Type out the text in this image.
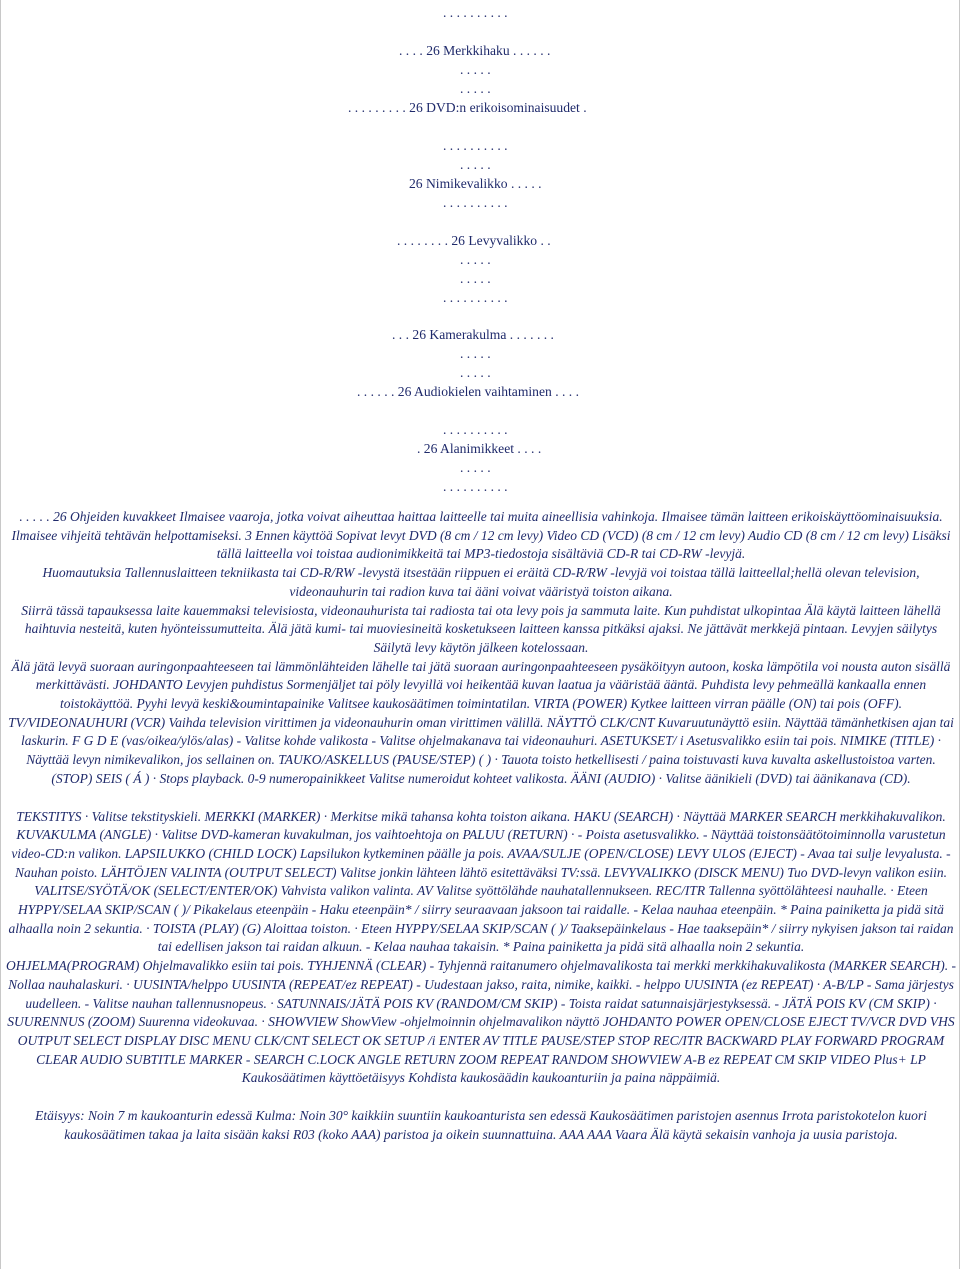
. . . . . . . . . .
. . . . 26 Merkkihaku . . . . . .
. . . . .
. . . . .
. . . . . . . . . 26 DVD:n erikoisominaisuudet .
. . . . . . . . . .
. . . . .
26 Nimikevalikko . . . . .
. . . . . . . . . .
. . . . . . . . 26 Levyvalikko . .
. . . . .
. . . . .
. . . . . . . . . .
. . . 26 Kamerakulma . . . . . . .
. . . . .
. . . . .
. . . . . . 26 Audiokielen vaihtaminen . . . .
. . . . . . . . . .
. 26 Alanimikkeet . . . .
. . . . .
. . . . . . . . . .

. . . . . 26 Ohjeiden kuvakkeet Ilmaisee vaaroja, jotka voivat aiheuttaa haittaa laitteelle tai muita aineellisia vahinkoja. Ilmaisee tämän laitteen erikoiskäyttöominaisuuksia. Ilmaisee vihjeitä tehtävän helpottamiseksi. 3 Ennen käyttöä Sopivat levyt DVD (8 cm / 12 cm levy) Video CD (VCD) (8 cm / 12 cm levy) Audio CD (8 cm / 12 cm levy) Lisäksi tällä laitteella voi toistaa audionimikkeitä tai MP3-tiedostoja sisältäviä CD-R tai CD-RW -levyjä.

Huomautuksia Tallennuslaitteen tekniikasta tai CD-R/RW -levystä itsestään riippuen ei eräitä CD-R/RW -levyjä voi toistaa tällä laitteellal;hellä olevan television, videonauhurin tai radion kuva tai ääni voivat vääristyä toiston aikana.

Siirrä tässä tapauksessa laite kauemmaksi televisiosta, videonauhurista tai radiosta tai ota levy pois ja sammuta laite. Kun puhdistat ulkopintaa Älä käytä laitteen lähellä haihtuvia nesteitä, kuten hyönteissumutteita. Älä jätä kumi- tai muoviesineitä kosketukseen laitteen kanssa pitkäksi ajaksi. Ne jättävät merkkejä pintaan. Levyjen säilytys Säilytä levy käytön jälkeen kotelossaan.

Älä jätä levyä suoraan auringonpaahteeseen tai lämmönlähteiden lähelle tai jätä suoraan auringonpaahteeseen pysäköityyn autoon, koska lämpötila voi nousta auton sisällä merkittävästi. JOHDANTO Levyjen puhdistus Sormenjäljet tai pöly levyillä voi heikentää kuvan laatua ja vääristää ääntä. Puhdista levy pehmeällä kankaalla ennen toistokäyttöä. Pyyhi levyä keski&oumintapainike Valitsee kaukosäätimen toimintatilan. VIRTA (POWER) Kytkee laitteen virran päälle (ON) tai pois (OFF).

TV/VIDEONAUHURI (VCR) Vaihda television virittimen ja videonauhurin oman virittimen välillä. NÄYTTÖ CLK/CNT Kuvaruutunäyttö esiin. Näyttää tämänhetkisen ajan tai laskurin. F G D E (vas/oikea/ylös/alas) - Valitse kohde valikosta - Valitse ohjelmakanava tai videonauhuri. ASETUKSET/ i Asetusvalikko esiin tai pois. NIMIKE (TITLE) · Näyttää levyn nimikevalikon, jos sellainen on. TAUKO/ASKELLUS (PAUSE/STEP) ( ) · Tauota toisto hetkellisesti / paina toistuvasti kuva kuvalta askellustoistoa varten. (STOP) SEIS ( Á ) · Stops playback. 0-9 numeropainikkeet Valitse numeroidut kohteet valikosta. ÄÄNI (AUDIO) · Valitse äänikieli (DVD) tai äänikanava (CD).

TEKSTITYS · Valitse tekstityskieli. MERKKI (MARKER) · Merkitse mikä tahansa kohta toiston aikana. HAKU (SEARCH) · Näyttää MARKER SEARCH merkkihakuvalikon. KUVAKULMA (ANGLE) · Valitse DVD-kameran kuvakulman, jos vaihtoehtoja on PALUU (RETURN) · - Poista asetusvalikko. - Näyttää toistonsäätötoiminnolla varustetun video-CD:n valikon. LAPSILUKKO (CHILD LOCK) Lapsilukon kytkeminen päälle ja pois. AVAA/SULJE (OPEN/CLOSE) LEVY ULOS (EJECT) - Avaa tai sulje levyalusta. - Nauhan poisto. LÄHTÖJEN VALINTA (OUTPUT SELECT) Valitse jonkin lähteen lähtö esitettäväksi TV:ssä. LEVYVALIKKO (DISCK MENU) Tuo DVD-levyn valikon esiin.

VALITSE/SYÖTÄ/OK (SELECT/ENTER/OK) Vahvista valikon valinta. AV Valitse syöttölähde nauhatallennukseen. REC/ITR Tallenna syöttölähteesi nauhalle. · Eteen HYPPY/SELAA SKIP/SCAN ( )/ Pikakelaus eteenpäin - Haku eteenpäin* / siirry seuraavaan jaksoon tai raidalle. - Kelaa nauhaa eteenpäin. * Paina painiketta ja pidä sitä alhaalla noin 2 sekuntia. · TOISTA (PLAY) (G) Aloittaa toiston. · Eteen HYPPY/SELAA SKIP/SCAN ( )/ Taaksepäinkelaus - Hae taaksepäin* / siirry nykyisen jakson tai raidan tai edellisen jakson tai raidan alkuun. - Kelaa nauhaa takaisin. * Paina painiketta ja pidä sitä alhaalla noin 2 sekuntia.

OHJELMA(PROGRAM) Ohjelmavalikko esiin tai pois. TYHJENNÄ (CLEAR) - Tyhjennä raitanumero ohjelmavalikosta tai merkki merkkihakuvalikosta (MARKER SEARCH). - Nollaa nauhalaskuri. · UUSINTA/helppo UUSINTA (REPEAT/ez REPEAT) - Uudestaan jakso, raita, nimike, kaikki. - helppo UUSINTA (ez REPEAT) · A-B/LP - Sama järjestys uudelleen. - Valitse nauhan tallennusnopeus. · SATUNNAIS/JÄTÄ POIS KV (RANDOM/CM SKIP) - Toista raidat satunnaisjärjestyksessä. - JÄTÄ POIS KV (CM SKIP) · SUURENNUS (ZOOM) Suurenna videokuvaa. · SHOWVIEW ShowView -ohjelmoinnin ohjelmavalikon näyttö JOHDANTO POWER OPEN/CLOSE EJECT TV/VCR DVD VHS OUTPUT SELECT DISPLAY DISC MENU CLK/CNT SELECT OK SETUP /i ENTER AV TITLE PAUSE/STEP STOP REC/ITR BACKWARD PLAY FORWARD PROGRAM CLEAR AUDIO SUBTITLE MARKER - SEARCH C.LOCK ANGLE RETURN ZOOM REPEAT RANDOM SHOWVIEW A-B ez REPEAT CM SKIP VIDEO Plus+ LP Kaukosäätimen käyttöetäisyys Kohdista kaukosäädin kaukoanturiin ja paina näppäimiä.

Etäisyys: Noin 7 m kaukoanturin edessä Kulma: Noin 30° kaikkiin suuntiin kaukoanturista sen edessä Kaukosäätimen paristojen asennus Irrota paristokotelon kuori kaukosäätimen takaa ja laita sisään kaksi R03 (koko AAA) paristoa ja oikein suunnattuina. AAA AAA Vaara Älä käytä sekaisin vanhoja ja uusia paristoja.
